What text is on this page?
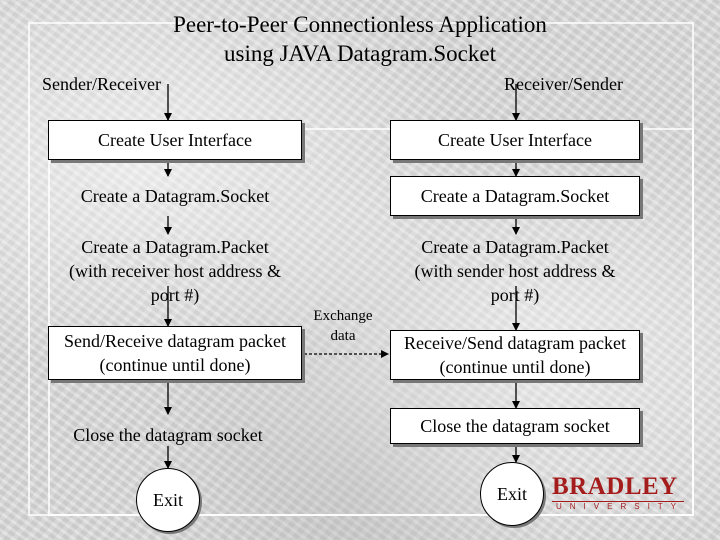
Peer-to-Peer Connectionless Application
using JAVA Datagram.Socket
Sender/Receiver	Receiver/Sender
Create User Interface
Create a Datagram.Socket
Create a Datagram.Packet
(with receiver host address &
port #)
Send/Receive datagram packet
(continue until done)
Close the datagram socket
Exit
Create User Interface
Create a Datagram.Socket
Create a Datagram.Packet
(with sender host address &
port #)
Receive/Send datagram packet
(continue until done)
Close the datagram socket
Exit
Exchange
data
BRADLEY
UNIVERSITY
